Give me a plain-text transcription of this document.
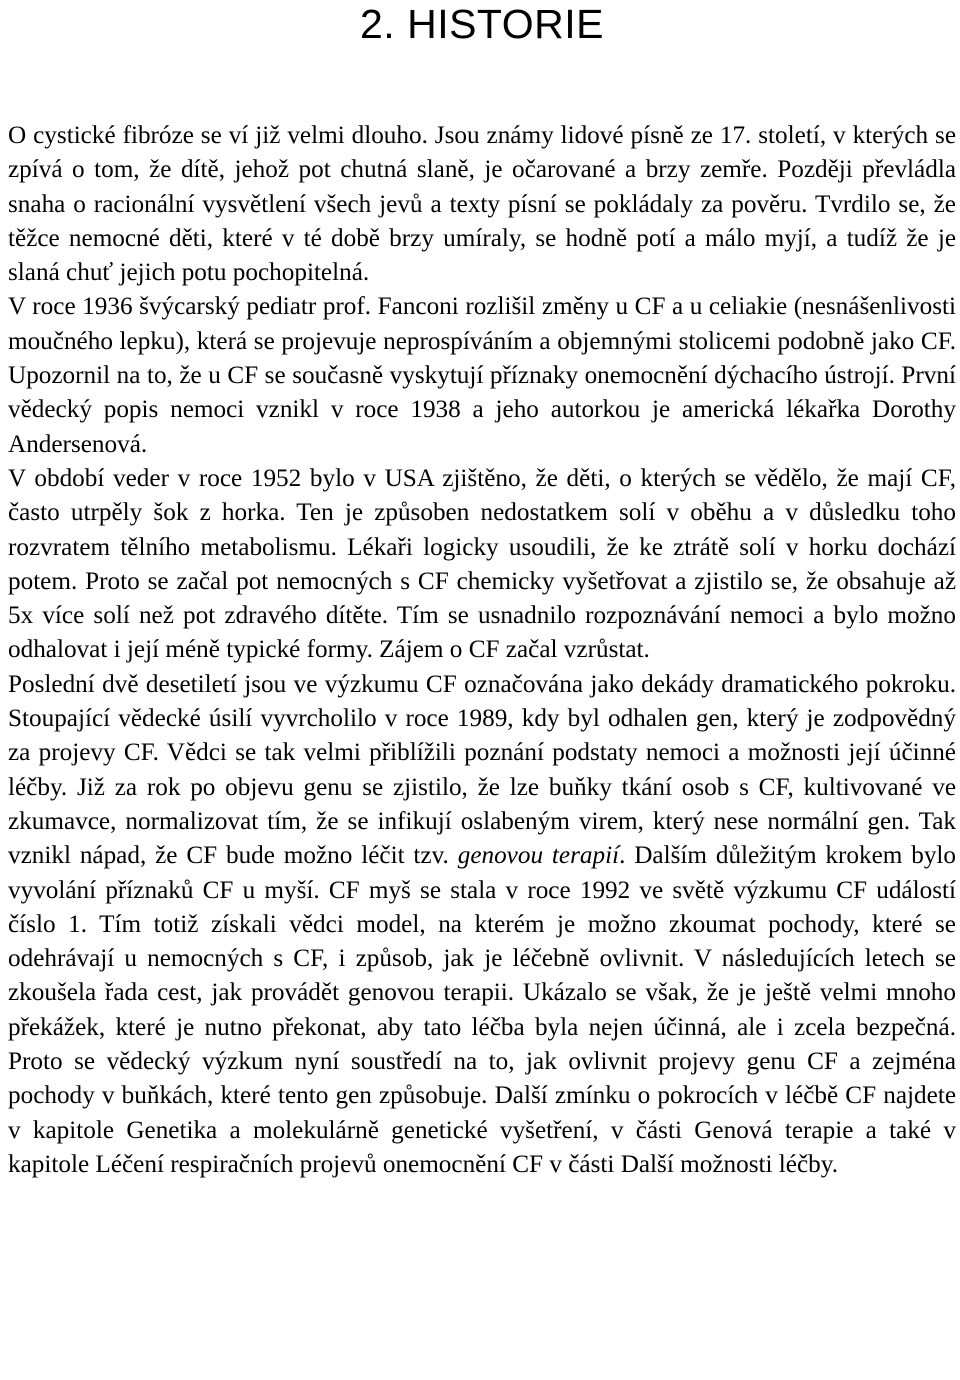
2. HISTORIE

O cystické fibróze se ví již velmi dlouho. Jsou známy lidové písně ze 17. století, v kterých se zpívá o tom, že dítě, jehož pot chutná slaně, je očarované a brzy zemře. Později převládla snaha o racionální vysvětlení všech jevů a texty písní se pokládaly za pověru. Tvrdilo se, že těžce nemocné děti, které v té době brzy umíraly, se hodně potí a málo myjí, a tudíž že je slaná chuť jejich potu pochopitelná.

V roce 1936 švýcarský pediatr prof. Fanconi rozlišil změny u CF a u celiakie (nesnášenlivosti moučného lepku), která se projevuje neprospíváním a objemnými stolicemi podobně jako CF. Upozornil na to, že u CF se současně vyskytují příznaky onemocnění dýchacího ústrojí. První vědecký popis nemoci vznikl v roce 1938 a jeho autorkou je americká lékařka Dorothy Andersenová.

V období veder v roce 1952 bylo v USA zjištěno, že děti, o kterých se vědělo, že mají CF, často utrpěly šok z horka. Ten je způsoben nedostatkem solí v oběhu a v důsledku toho rozvratem tělního metabolismu. Lékaři logicky usoudili, že ke ztrátě solí v horku dochází potem. Proto se začal pot nemocných s CF chemicky vyšetřovat a zjistilo se, že obsahuje až 5x více solí než pot zdravého dítěte. Tím se usnadnilo rozpoznávání nemoci a bylo možno odhalovat i její méně typické formy. Zájem o CF začal vzrůstat.

Poslední dvě desetiletí jsou ve výzkumu CF označována jako dekády dramatického pokroku. Stoupající vědecké úsilí vyvrcholilo v roce 1989, kdy byl odhalen gen, který je zodpovědný za projevy CF. Vědci se tak velmi přiblížili poznání podstaty nemoci a možnosti její účinné léčby. Již za rok po objevu genu se zjistilo, že lze buňky tkání osob s CF, kultivované ve zkumavce, normalizovat tím, že se infikují oslabeným virem, který nese normální gen. Tak vznikl nápad, že CF bude možno léčit tzv. genovou terapií. Dalším důležitým krokem bylo vyvolání příznaků CF u myší. CF myš se stala v roce 1992 ve světě výzkumu CF událostí číslo 1. Tím totiž získali vědci model, na kterém je možno zkoumat pochody, které se odehrávají u nemocných s CF, i způsob, jak je léčebně ovlivnit. V následujících letech se zkoušela řada cest, jak provádět genovou terapii. Ukázalo se však, že je ještě velmi mnoho překážek, které je nutno překonat, aby tato léčba byla nejen účinná, ale i zcela bezpečná. Proto se vědecký výzkum nyní soustředí na to, jak ovlivnit projevy genu CF a zejména pochody v buňkách, které tento gen způsobuje. Další zmínku o pokrocích v léčbě CF najdete v kapitole Genetika a molekulárně genetické vyšetření, v části Genová terapie a také v kapitole Léčení respiračních projevů onemocnění CF v části Další možnosti léčby.
